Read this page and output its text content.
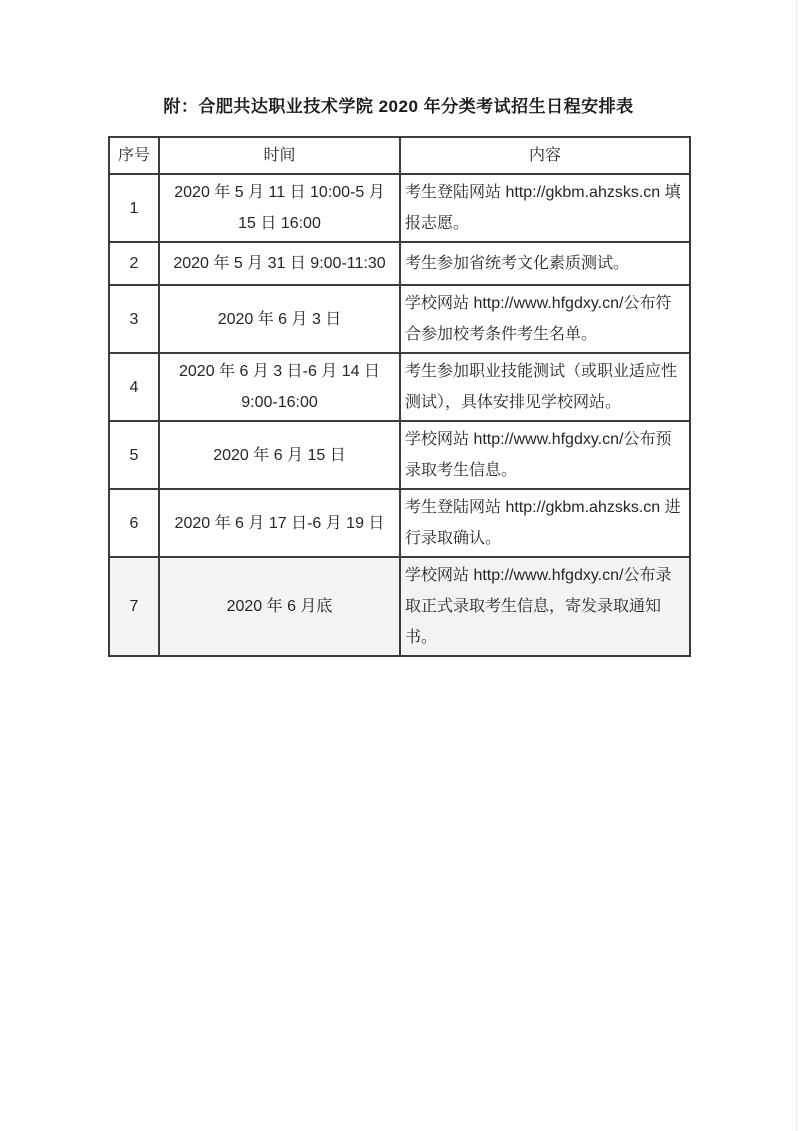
附：合肥共达职业技术学院 2020 年分类考试招生日程安排表
序号	时间	内容
1	2020 年 5 月 11 日 10:00-5 月 15 日 16:00	考生登陆网站 http://gkbm.ahzsks.cn 填报志愿。
2	2020 年 5 月 31 日 9:00-11:30	考生参加省统考文化素质测试。
3	2020 年 6 月 3 日	学校网站 http://www.hfgdxy.cn/公布符合参加校考条件考生名单。
4	2020 年 6 月 3 日-6 月 14 日 9:00-16:00	考生参加职业技能测试（或职业适应性测试），具体安排见学校网站。
5	2020 年 6 月 15 日	学校网站 http://www.hfgdxy.cn/公布预录取考生信息。
6	2020 年 6 月 17 日-6 月 19 日	考生登陆网站 http://gkbm.ahzsks.cn 进行录取确认。
7	2020 年 6 月底	学校网站 http://www.hfgdxy.cn/公布录取正式录取考生信息，寄发录取通知书。
